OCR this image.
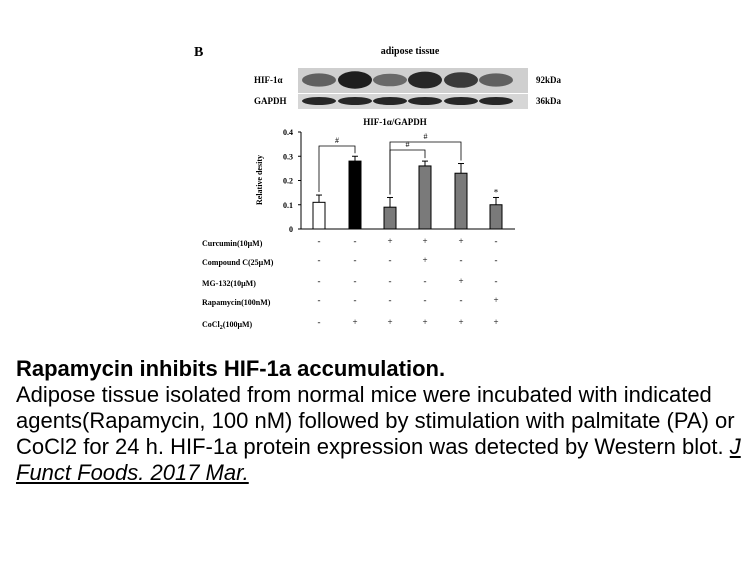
B	adipose tissue
HIF-1α
GAPDH
92kDa
36kDa
HIF-1α/GAPDH
Relative desity
0
0.1
0.2
0.3
0.4
#	#
#
*
Curcumin(10μM)
Compound C(25μM)
MG-132(10μM)
Rapamycin(100nM)
CoCl$_2$(100μM)
-	-	+	+	+	-
-	-	-	+	-	-
-	-	-	-	+	-
-	-	-	-	-	+
-	+	+	+	+	+
Rapamycin inhibits HIF-1a accumulation.
Adipose tissue isolated from normal mice were incubated with indicated agents(Rapamycin, 100 nM) followed by stimulation with palmitate (PA) or CoCl2 for 24 h. HIF-1a protein expression was detected by Western blot. J Funct Foods. 2017 Mar.
